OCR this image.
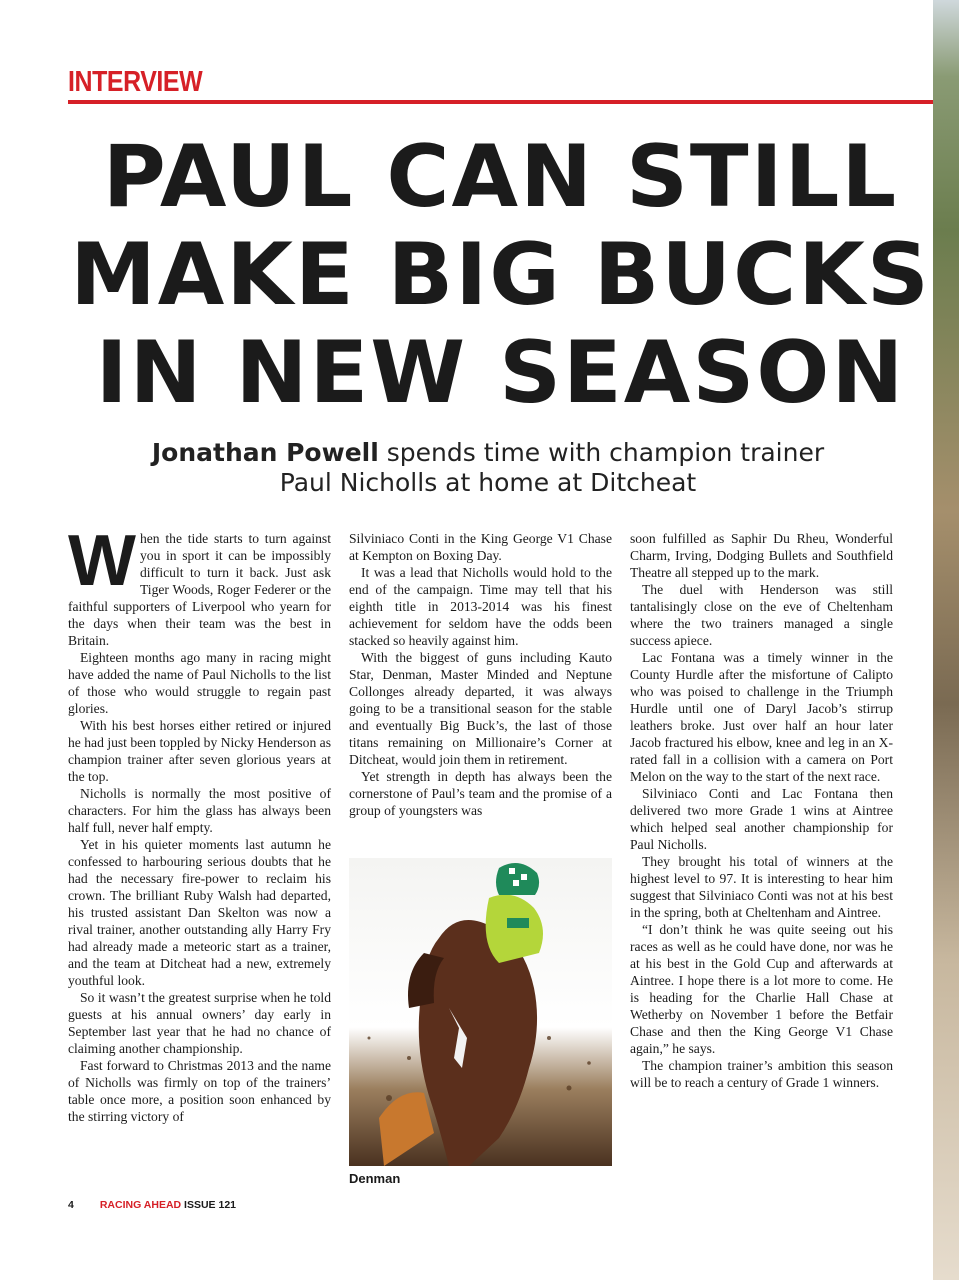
INTERVIEW
PAUL CAN STILL
MAKE BIG BUCKS
IN NEW SEASON
Jonathan Powell spends time with champion trainer
Paul Nicholls at home at Ditcheat

When the tide starts to turn against you in sport it can be impossibly difficult to turn it back. Just ask Tiger Woods, Roger Federer or the faithful supporters of Liverpool who yearn for the days when their team was the best in Britain.

Eighteen months ago many in racing might have added the name of Paul Nicholls to the list of those who would struggle to regain past glories.

With his best horses either retired or injured he had just been toppled by Nicky Henderson as champion trainer after seven glorious years at the top.

Nicholls is normally the most positive of characters. For him the glass has always been half full, never half empty.

Yet in his quieter moments last autumn he confessed to harbouring serious doubts that he had the necessary fire-power to reclaim his crown. The brilliant Ruby Walsh had departed, his trusted assistant Dan Skelton was now a rival trainer, another outstanding ally Harry Fry had already made a meteoric start as a trainer, and the team at Ditcheat had a new, extremely youthful look.

So it wasn’t the greatest surprise when he told guests at his annual owners’ day early in September last year that he had no chance of claiming another championship.

Fast forward to Christmas 2013 and the name of Nicholls was firmly on top of the trainers’ table once more, a position soon enhanced by the stirring victory of

Silviniaco Conti in the King George V1 Chase at Kempton on Boxing Day.

It was a lead that Nicholls would hold to the end of the campaign. Time may tell that his eighth title in 2013-2014 was his finest achievement for seldom have the odds been stacked so heavily against him.

With the biggest of guns including Kauto Star, Denman, Master Minded and Neptune Collonges already departed, it was always going to be a transitional season for the stable and eventually Big Buck’s, the last of those titans remaining on Millionaire’s Corner at Ditcheat, would join them in retirement.

Yet strength in depth has always been the cornerstone of Paul’s team and the promise of a group of youngsters was

Denman

soon fulfilled as Saphir Du Rheu, Wonderful Charm, Irving, Dodging Bullets and Southfield Theatre all stepped up to the mark.

The duel with Henderson was still tantalisingly close on the eve of Cheltenham where the two trainers managed a single success apiece.

Lac Fontana was a timely winner in the County Hurdle after the misfortune of Calipto who was poised to challenge in the Triumph Hurdle until one of Daryl Jacob’s stirrup leathers broke. Just over half an hour later Jacob fractured his elbow, knee and leg in an X-rated fall in a collision with a camera on Port Melon on the way to the start of the next race.

Silviniaco Conti and Lac Fontana then delivered two more Grade 1 wins at Aintree which helped seal another championship for Paul Nicholls.

They brought his total of winners at the highest level to 97. It is interesting to hear him suggest that Silviniaco Conti was not at his best in the spring, both at Cheltenham and Aintree.

“I don’t think he was quite seeing out his races as well as he could have done, nor was he at his best in the Gold Cup and afterwards at Aintree. I hope there is a lot more to come. He is heading for the Charlie Hall Chase at Wetherby on November 1 before the Betfair Chase and then the King George V1 Chase again,” he says.

The champion trainer’s ambition this season will be to reach a century of Grade 1 winners.

4 RACING AHEAD ISSUE 121
